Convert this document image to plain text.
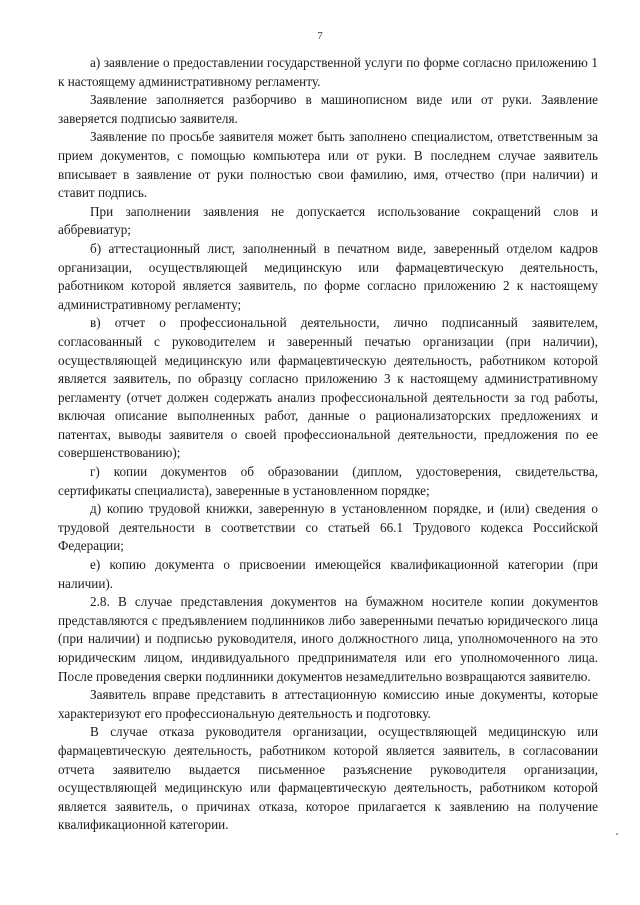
7

а) заявление о предоставлении государственной услуги по форме согласно приложению 1 к настоящему административному регламенту.

Заявление заполняется разборчиво в машинописном виде или от руки. Заявление заверяется подписью заявителя.

Заявление по просьбе заявителя может быть заполнено специалистом, ответственным за прием документов, с помощью компьютера или от руки. В последнем случае заявитель вписывает в заявление от руки полностью свои фамилию, имя, отчество (при наличии) и ставит подпись.

При заполнении заявления не допускается использование сокращений слов и аббревиатур;

б) аттестационный лист, заполненный в печатном виде, заверенный отделом кадров организации, осуществляющей медицинскую или фармацевтическую деятельность, работником которой является заявитель, по форме согласно приложению 2 к настоящему административному регламенту;

в) отчет о профессиональной деятельности, лично подписанный заявителем, согласованный с руководителем и заверенный печатью организации (при наличии), осуществляющей медицинскую или фармацевтическую деятельность, работником которой является заявитель, по образцу согласно приложению 3 к настоящему административному регламенту (отчет должен содержать анализ профессиональной деятельности за год работы, включая описание выполненных работ, данные о рационализаторских предложениях и патентах, выводы заявителя о своей профессиональной деятельности, предложения по ее совершенствованию);

г) копии документов об образовании (диплом, удостоверения, свидетельства, сертификаты специалиста), заверенные в установленном порядке;

д) копию трудовой книжки, заверенную в установленном порядке, и (или) сведения о трудовой деятельности в соответствии со статьей 66.1 Трудового кодекса Российской Федерации;

е) копию документа о присвоении имеющейся квалификационной категории (при наличии).

2.8. В случае представления документов на бумажном носителе копии документов представляются с предъявлением подлинников либо заверенными печатью юридического лица (при наличии) и подписью руководителя, иного должностного лица, уполномоченного на это юридическим лицом, индивидуального предпринимателя или его уполномоченного лица. После проведения сверки подлинники документов незамедлительно возвращаются заявителю.

Заявитель вправе представить в аттестационную комиссию иные документы, которые характеризуют его профессиональную деятельность и подготовку.

В случае отказа руководителя организации, осуществляющей медицинскую или фармацевтическую деятельность, работником которой является заявитель, в согласовании отчета заявителю выдается письменное разъяснение руководителя организации, осуществляющей медицинскую или фармацевтическую деятельность, работником которой является заявитель, о причинах отказа, которое прилагается к заявлению на получение квалификационной категории.
